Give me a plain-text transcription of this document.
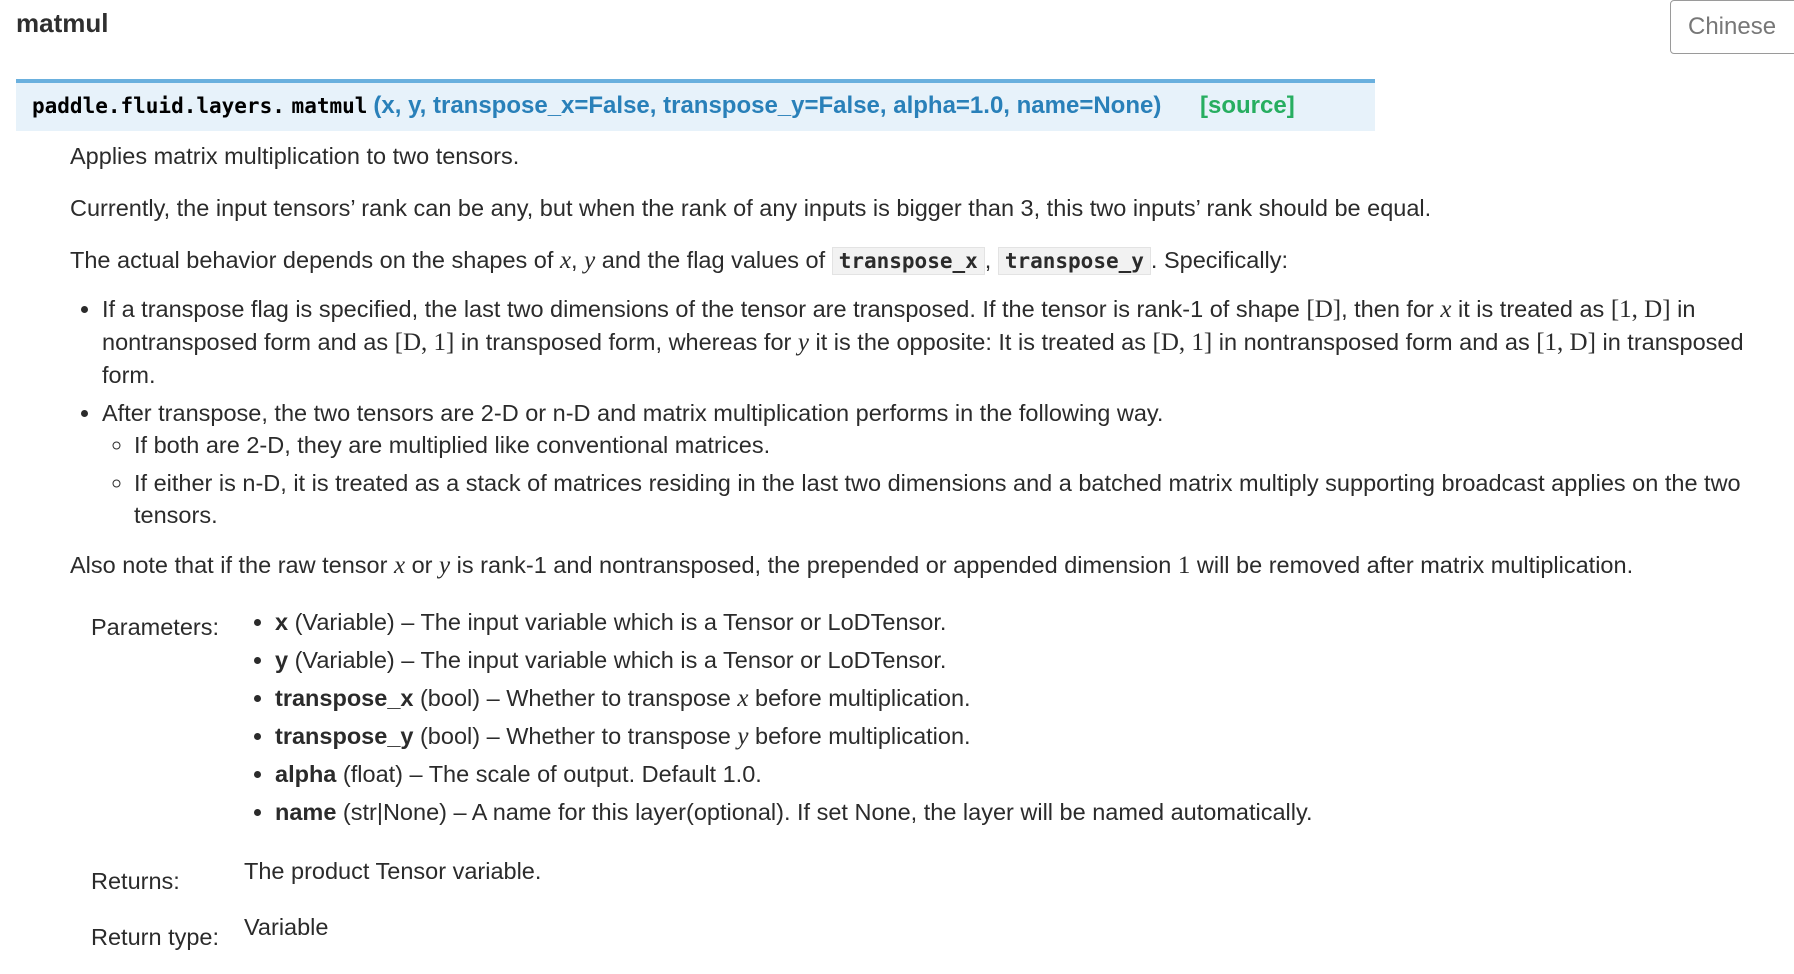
matmul	Chinese
paddle.fluid.layers. matmul (x, y, transpose_x=False, transpose_y=False, alpha=1.0, name=None) [source]

Applies matrix multiplication to two tensors.

Currently, the input tensors’ rank can be any, but when the rank of any inputs is bigger than 3, this two inputs’ rank should be equal.

The actual behavior depends on the shapes of x, y and the flag values of transpose_x , transpose_y . Specifically:

• If a transpose flag is specified, the last two dimensions of the tensor are transposed. If the tensor is rank-1 of shape [D], then for x it is treated as [1, D] in nontransposed form and as [D, 1] in transposed form, whereas for y it is the opposite: It is treated as [D, 1] in nontransposed form and as [1, D] in transposed form.
• After transpose, the two tensors are 2-D or n-D and matrix multiplication performs in the following way.
◦ If both are 2-D, they are multiplied like conventional matrices.
◦ If either is n-D, it is treated as a stack of matrices residing in the last two dimensions and a batched matrix multiply supporting broadcast applies on the two tensors.

Also note that if the raw tensor x or y is rank-1 and nontransposed, the prepended or appended dimension 1 will be removed after matrix multiplication.

Parameters:
• x (Variable) – The input variable which is a Tensor or LoDTensor.
• y (Variable) – The input variable which is a Tensor or LoDTensor.
• transpose_x (bool) – Whether to transpose x before multiplication.
• transpose_y (bool) – Whether to transpose y before multiplication.
• alpha (float) – The scale of output. Default 1.0.
• name (str|None) – A name for this layer(optional). If set None, the layer will be named automatically.
Returns:	The product Tensor variable.
Return type: Variable
